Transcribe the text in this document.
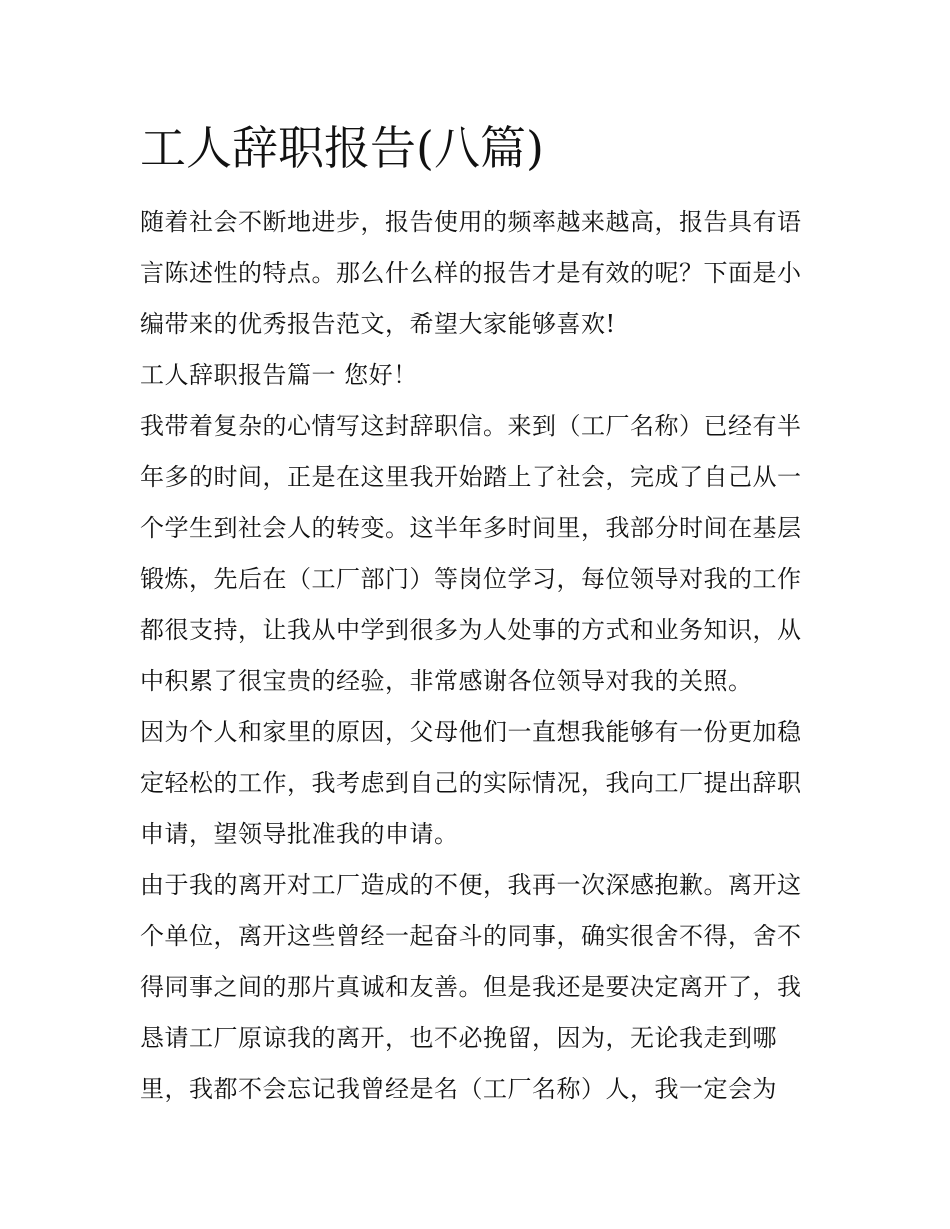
工人辞职报告(八篇)
随着社会不断地进步，报告使用的频率越来越高，报告具有语
言陈述性的特点。那么什么样的报告才是有效的呢？下面是小
编带来的优秀报告范文，希望大家能够喜欢!
工人辞职报告篇一 您好！
我带着复杂的心情写这封辞职信。来到（工厂名称）已经有半
年多的时间，正是在这里我开始踏上了社会，完成了自己从一
个学生到社会人的转变。这半年多时间里，我部分时间在基层
锻炼，先后在（工厂部门）等岗位学习，每位领导对我的工作
都很支持，让我从中学到很多为人处事的方式和业务知识，从
中积累了很宝贵的经验，非常感谢各位领导对我的关照。
因为个人和家里的原因，父母他们一直想我能够有一份更加稳
定轻松的工作，我考虑到自己的实际情况，我向工厂提出辞职
申请，望领导批准我的申请。
由于我的离开对工厂造成的不便，我再一次深感抱歉。离开这
个单位，离开这些曾经一起奋斗的同事，确实很舍不得，舍不
得同事之间的那片真诚和友善。但是我还是要决定离开了，我
恳请工厂原谅我的离开，也不必挽留，因为，无论我走到哪
里，我都不会忘记我曾经是名（工厂名称）人，我一定会为
